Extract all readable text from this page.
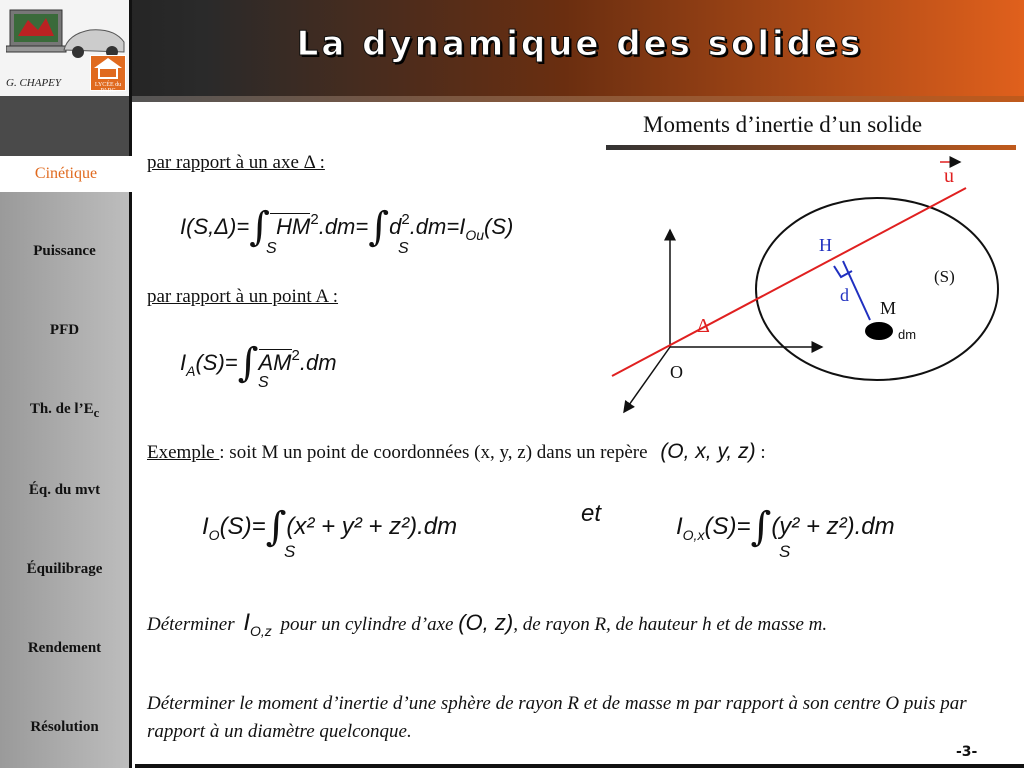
G. CHAPEY	LYCÉE du PARC
La dynamique des solides
Cinétique
Puissance
PFD
Th. de $l’E_c$
Éq. du mvt
Équilibrage
Rendement
Résolution
Moments d’inertie d’un solide
par rapport à un axe Δ :
par rapport à un point A :
I(S,Δ)=∫ $HM^2.dm=\int d^2.dm=I_{Ou}(S)$
S	S
$I_A(S)=\int AM^2.dm$
S
u
H
(S)
d
M
dm
Δ
O
Exemple : soit M un point de coordonnées (x, y, z) dans un repère (O, x, y, z) :
$I_O(S)=\int(x^2 + y^2 + z^2).dm$
S
et	$I_{O,x}(S)=\int(y^2 + z^2).dm$
S
Déterminer $I_{O,z}$ pour un cylindre d’axe (O, z), de rayon R, de hauteur h et de masse m.
Déterminer le moment d’inertie d’une sphère de rayon R et de masse m par rapport à son centre O puis par rapport à un diamètre quelconque.
-3-
